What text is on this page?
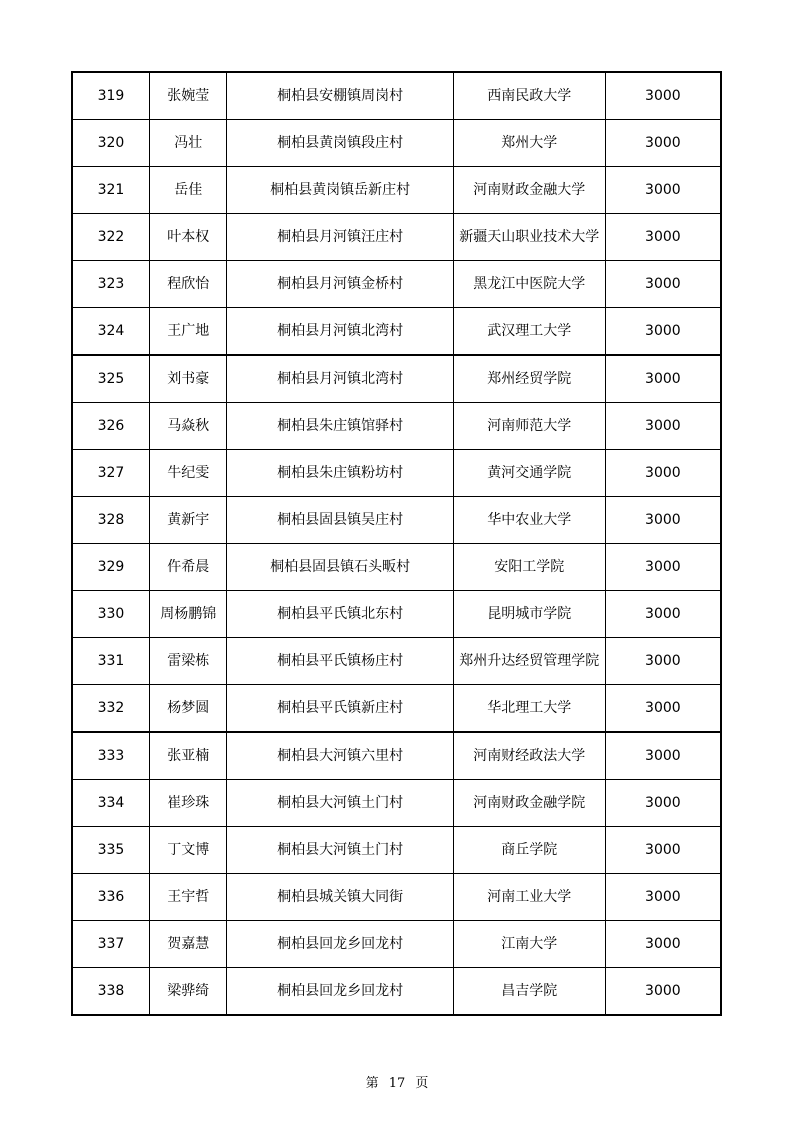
319	张婉莹	桐柏县安棚镇周岗村	西南民政大学	3000
320	冯壮	桐柏县黄岗镇段庄村	郑州大学	3000
321	岳佳	桐柏县黄岗镇岳新庄村	河南财政金融大学	3000
322	叶本权	桐柏县月河镇汪庄村	新疆天山职业技术大学	3000
323	程欣怡	桐柏县月河镇金桥村	黑龙江中医院大学	3000
324	王广地	桐柏县月河镇北湾村	武汉理工大学	3000
325	刘书豪	桐柏县月河镇北湾村	郑州经贸学院	3000
326	马焱秋	桐柏县朱庄镇馆驿村	河南师范大学	3000
327	牛纪雯	桐柏县朱庄镇粉坊村	黄河交通学院	3000
328	黄新宇	桐柏县固县镇吴庄村	华中农业大学	3000
329	仵希晨	桐柏县固县镇石头畈村	安阳工学院	3000
330	周杨鹏锦	桐柏县平氏镇北东村	昆明城市学院	3000
331	雷梁栋	桐柏县平氏镇杨庄村	郑州升达经贸管理学院	3000
332	杨梦圆	桐柏县平氏镇新庄村	华北理工大学	3000
333	张亚楠	桐柏县大河镇六里村	河南财经政法大学	3000
334	崔珍珠	桐柏县大河镇土门村	河南财政金融学院	3000
335	丁文博	桐柏县大河镇土门村	商丘学院	3000
336	王宇哲	桐柏县城关镇大同街	河南工业大学	3000
337	贺嘉慧	桐柏县回龙乡回龙村	江南大学	3000
338	梁骅绮	桐柏县回龙乡回龙村	昌吉学院	3000
第 17 页
